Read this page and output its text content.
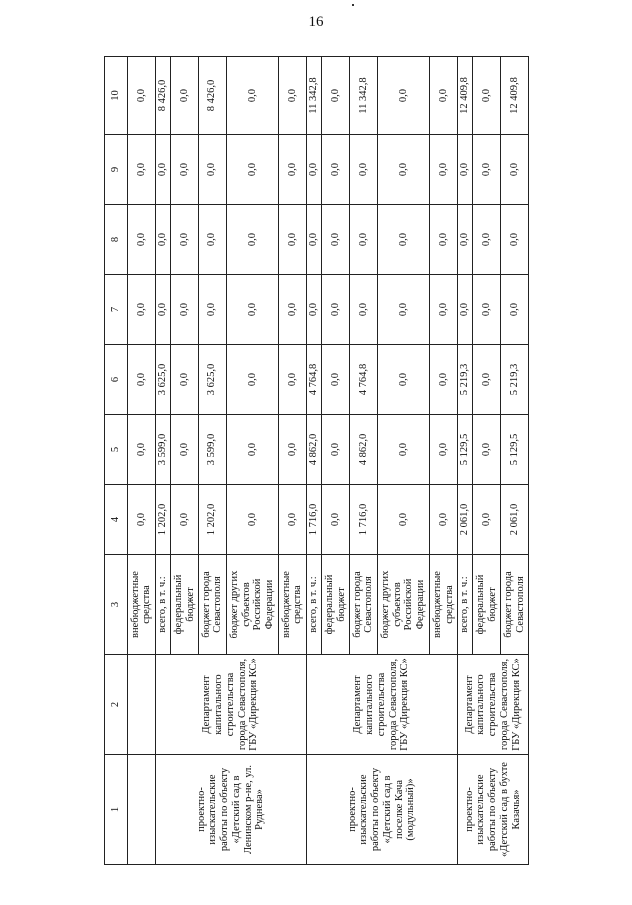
16
1	2	3	4	5	6	7	8	9	10
		внебюджетные средства	0,0	0,0	0,0	0,0	0,0	0,0	0,0
проектно-изыскательские работы по объекту «Детский сад в Ленинском р-не, ул. Руднева»	Департамент капитального строительства города Севастополя, ГБУ «Дирекция КС»	всего, в т. ч.:	1 202,0	3 599,0	3 625,0	0,0	0,0	0,0	8 426,0
		федеральный бюджет	0,0	0,0	0,0	0,0	0,0	0,0	0,0
		бюджет города Севастополя	1 202,0	3 599,0	3 625,0	0,0	0,0	0,0	8 426,0
		бюджет других субъектов Российской Федерации	0,0	0,0	0,0	0,0	0,0	0,0	0,0
		внебюджетные средства	0,0	0,0	0,0	0,0	0,0	0,0	0,0
проектно-изыскательские работы по объекту «Детский сад в поселке Кача (модульный)»	Департамент капитального строительства города Севастополя, ГБУ «Дирекция КС»	всего, в т. ч.:	1 716,0	4 862,0	4 764,8	0,0	0,0	0,0	11 342,8
		федеральный бюджет	0,0	0,0	0,0	0,0	0,0	0,0	0,0
		бюджет города Севастополя	1 716,0	4 862,0	4 764,8	0,0	0,0	0,0	11 342,8
		бюджет других субъектов Российской Федерации	0,0	0,0	0,0	0,0	0,0	0,0	0,0
		внебюджетные средства	0,0	0,0	0,0	0,0	0,0	0,0	0,0
проектно-изыскательские работы по объекту «Детский сад в бухте Казачья»	Департамент капитального строительства города Севастополя, ГБУ «Дирекция КС»	всего, в т. ч.:	2 061,0	5 129,5	5 219,3	0,0	0,0	0,0	12 409,8
		федеральный бюджет	0,0	0,0	0,0	0,0	0,0	0,0	0,0
		бюджет города Севастополя	2 061,0	5 129,5	5 219,3	0,0	0,0	0,0	12 409,8
